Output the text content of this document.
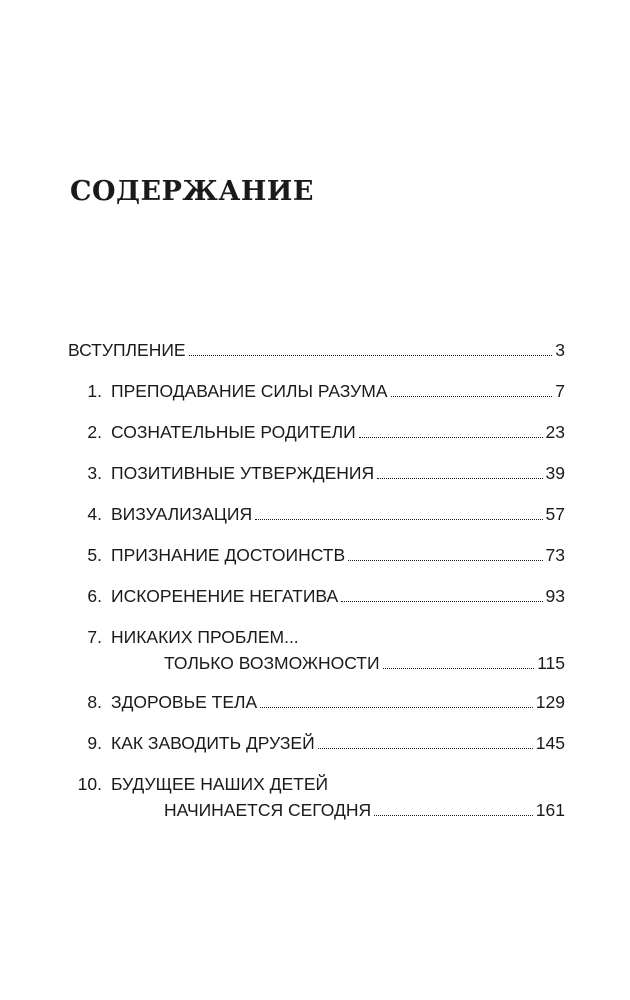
СОДЕРЖАНИЕ
ВСТУПЛЕНИЕ	3
1. ПРЕПОДАВАНИЕ СИЛЫ РАЗУМА	7
2. СОЗНАТЕЛЬНЫЕ РОДИТЕЛИ	23
3. ПОЗИТИВНЫЕ УТВЕРЖДЕНИЯ	39
4. ВИЗУАЛИЗАЦИЯ	57
5. ПРИЗНАНИЕ ДОСТОИНСТВ	73
6. ИСКОРЕНЕНИЕ НЕГАТИВА	93
7. НИКАКИХ ПРОБЛЕМ...
ТОЛЬКО ВОЗМОЖНОСТИ	115
8. ЗДОРОВЬЕ ТЕЛА	129
9. КАК ЗАВОДИТЬ ДРУЗЕЙ	145
10. БУДУЩЕЕ НАШИХ ДЕТЕЙ
НАЧИНАЕТСЯ СЕГОДНЯ	161
